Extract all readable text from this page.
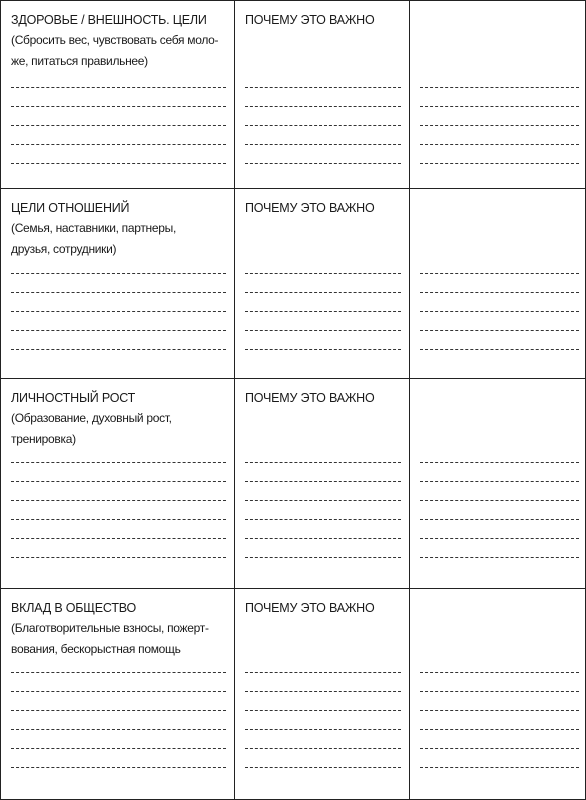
ЗДОРОВЬЕ / ВНЕШНОСТЬ. ЦЕЛИ
(Сбросить вес, чувствовать себя моло-
же, питаться правильнее)	ПОЧЕМУ ЭТО ВАЖНО	

ЦЕЛИ ОТНОШЕНИЙ
(Семья, наставники, партнеры,
друзья, сотрудники)	ПОЧЕМУ ЭТО ВАЖНО	

ЛИЧНОСТНЫЙ РОСТ
(Образование, духовный рост,
тренировка)	ПОЧЕМУ ЭТО ВАЖНО	

ВКЛАД В ОБЩЕСТВО
(Благотворительные взносы, пожерт-
вования, бескорыстная помощь	ПОЧЕМУ ЭТО ВАЖНО	
